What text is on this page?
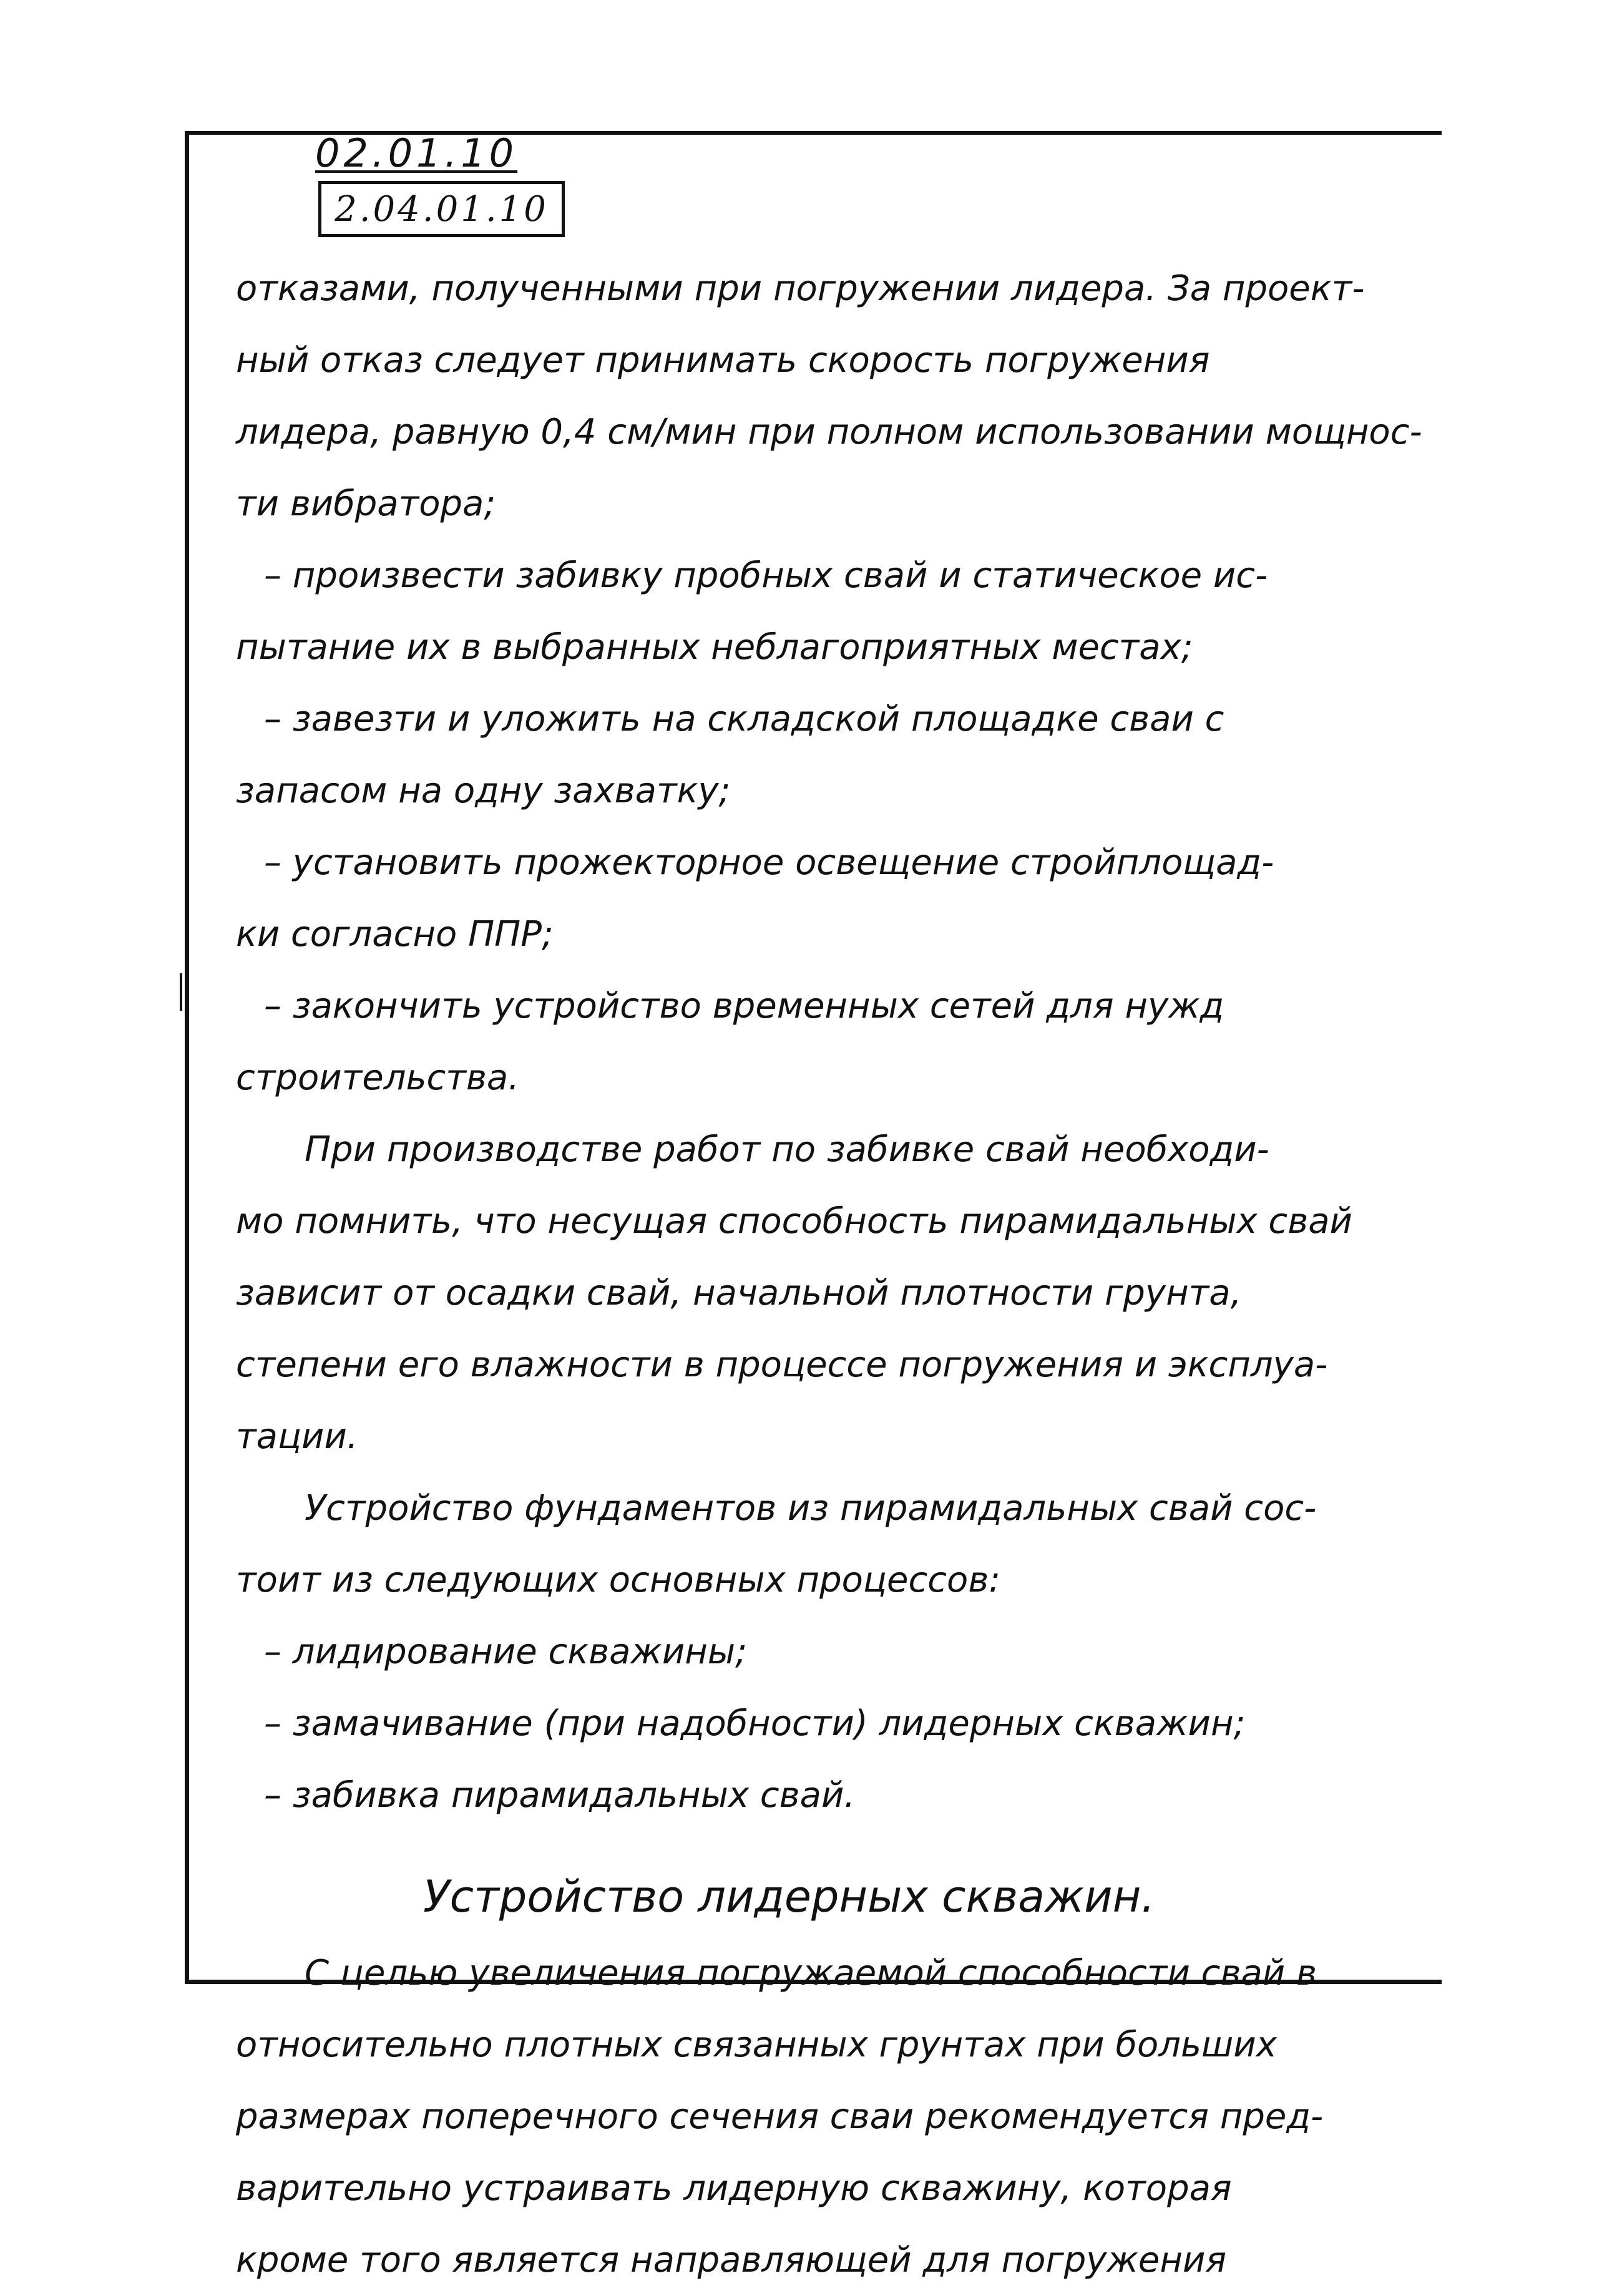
02.01.10
2.04.01.10
отказами, полученными при погружении лидера. За проект-
ный отказ следует принимать скорость погружения
лидера, равную 0,4 см/мин при полном использовании мощнос-
ти вибратора;
– произвести забивку пробных свай и статическое ис-
пытание их в выбранных неблагоприятных местах;
– завезти и уложить на складской площадке сваи с
запасом на одну захватку;
– установить прожекторное освещение стройплощад-
ки согласно ППР;
– закончить устройство временных сетей для нужд
строительства.
При производстве работ по забивке свай необходи-
мо помнить, что несущая способность пирамидальных свай
зависит от осадки свай, начальной плотности грунта,
степени его влажности в процессе погружения и эксплуа-
тации.
Устройство фундаментов из пирамидальных свай сос-
тоит из следующих основных процессов:
– лидирование скважины;
– замачивание (при надобности) лидерных скважин;
– забивка пирамидальных свай.
Устройство лидерных скважин.
С целью увеличения погружаемой способности свай в
относительно плотных связанных грунтах при больших
размерах поперечного сечения сваи рекомендуется пред-
варительно устраивать лидерную скважину, которая
кроме того является направляющей для погружения
